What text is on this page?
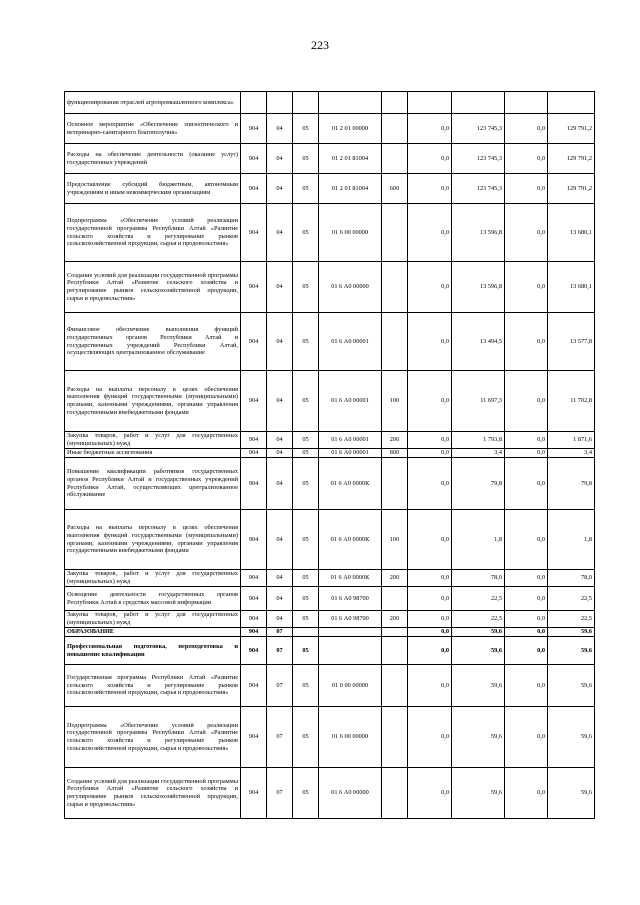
223
функционирования отраслей агропромышленного комплекса»									
Основное мероприятие «Обеспечение эпизоотического и ветеринарно-санитарного благополучия»	904	04	05	01 2 01 00000		0,0	123 745,3	0,0	129 791,2
Расходы на обеспечение деятельности (оказание услуг) государственных учреждений	904	04	05	01 2 01 81004		0,0	123 745,3	0,0	129 791,2
Предоставление субсидий бюджетным, автономным учреждениям и иным некоммерческим организациям	904	04	05	01 2 01 81004	600	0,0	123 745,3	0,0	129 791,2
Подпрограмма «Обеспечение условий реализации государственной программы Республики Алтай «Развитие сельского хозяйства и регулирование рынков сельскохозяйственной продукции, сырья и продовольствия»	904	04	05	01 6 00 00000		0,0	13 596,8	0,0	13 680,1
Создание условий для реализации государственной программы Республики Алтай «Развитие сельского хозяйства и регулирование рынков сельскохозяйственной продукции, сырья и продовольствия»	904	04	05	01 6 А0 00000		0,0	13 596,8	0,0	13 680,1
Финансовое обеспечение выполнения функций государственных органов Республики Алтай и государственных учреждений Республики Алтай, осуществляющих централизованное обслуживание	904	04	05	01 6 А0 00001		0,0	13 494,5	0,0	13 577,8
Расходы на выплаты персоналу в целях обеспечения выполнения функций государственными (муниципальными) органами, казенными учреждениями, органами управления государственными внебюджетными фондами	904	04	05	01 6 А0 00001	100	0,0	11 697,3	0,0	11 702,8
Закупка товаров, работ и услуг для государственных (муниципальных) нужд	904	04	05	01 6 А0 00001	200	0,0	1 793,8	0,0	1 871,6
Иные бюджетные ассигнования	904	04	05	01 6 А0 00001	800	0,0	3,4	0,0	3,4
Повышение квалификации работников государственных органов Республики Алтай и государственных учреждений Республики Алтай, осуществляющих централизованное обслуживание	904	04	05	01 6 А0 0000К		0,0	79,8	0,0	79,8
Расходы на выплаты персоналу в целях обеспечения выполнения функций государственными (муниципальными) органами, казенными учреждениями, органами управления государственными внебюджетными фондами	904	04	05	01 6 А0 0000К	100	0,0	1,8	0,0	1,8
Закупка товаров, работ и услуг для государственных (муниципальных) нужд	904	04	05	01 6 А0 0000К	200	0,0	78,0	0,0	78,0
Освещение деятельности государственных органов Республики Алтай в средствах массовой информации	904	04	05	01 6 А0 98700		0,0	22,5	0,0	22,5
Закупка товаров, работ и услуг для государственных (муниципальных) нужд	904	04	05	01 6 А0 98700	200	0,0	22,5	0,0	22,5
ОБРАЗОВАНИЕ	904	07				0,0	59,6	0,0	59,6
Профессиональная подготовка, переподготовка и повышение квалификации	904	07	05			0,0	59,6	0,0	59,6
Государственная программа Республики Алтай «Развитие сельского хозяйства и регулирование рынков сельскохозяйственной продукции, сырья и продовольствия»	904	07	05	01 0 00 00000		0,0	59,6	0,0	59,6
Подпрограмма «Обеспечение условий реализации государственной программы Республики Алтай «Развитие сельского хозяйства и регулирование рынков сельскохозяйственной продукции, сырья и продовольствия»	904	07	05	01 6 00 00000		0,0	59,6	0,0	59,6
Создание условий для реализации государственной программы Республики Алтай «Развитие сельского хозяйства и регулирование рынков сельскохозяйственной продукции, сырья и продовольствия»	904	07	05	01 6 А0 00000		0,0	59,6	0,0	59,6
